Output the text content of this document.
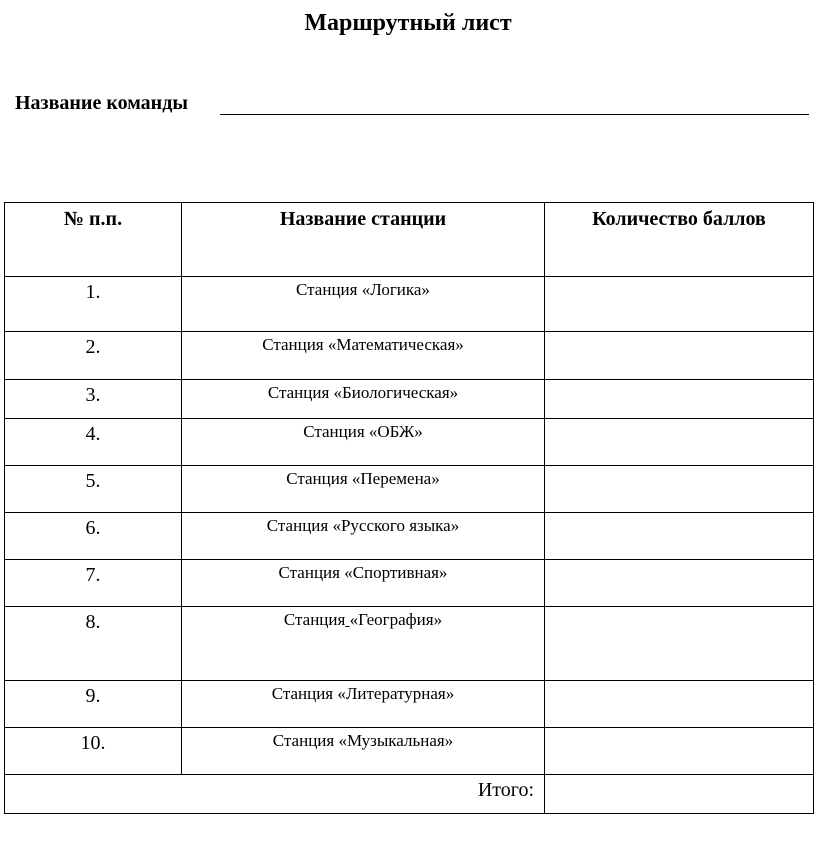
Маршрутный лист
Название команды
№ п.п.	Название станции	Количество баллов
1.	Станция «Логика»	
2.	Станция «Математическая»	
3.	Станция «Биологическая»	
4.	Станция «ОБЖ»	
5.	Станция «Перемена»	
6.	Станция «Русского языка»	
7.	Станция «Спортивная»	
8.	Станция «География»	
9.	Станция «Литературная»	
10.	Станция «Музыкальная»	
Итого:		
